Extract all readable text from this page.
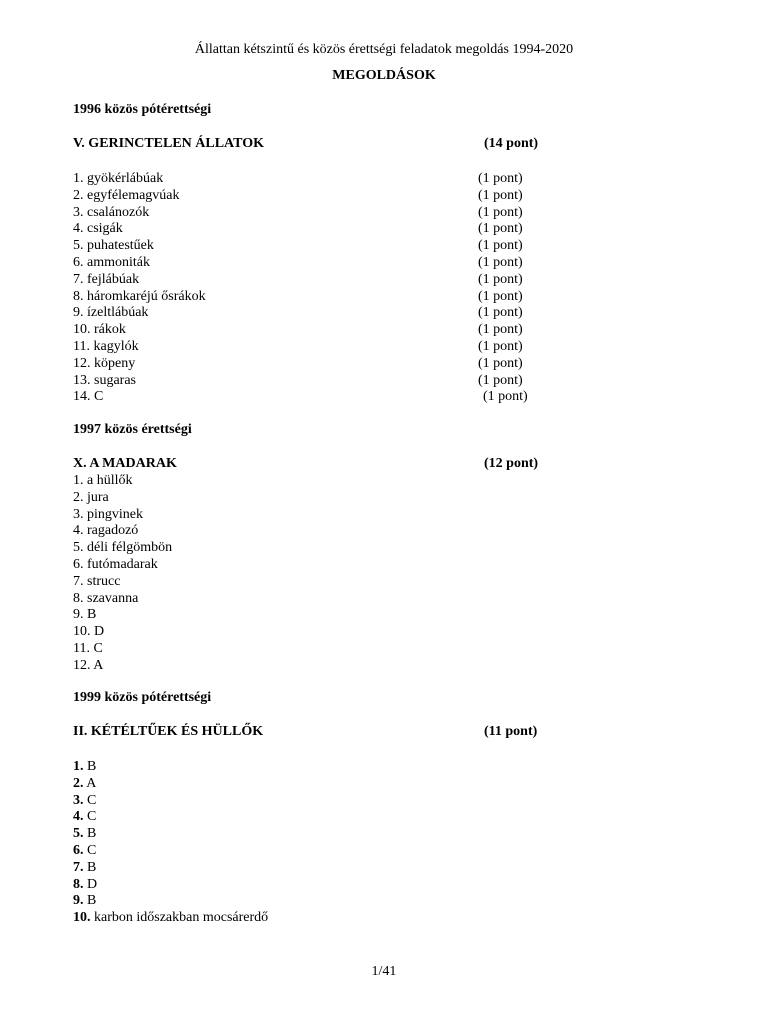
Állattan kétszintű és közös érettségi feladatok megoldás 1994-2020
MEGOLDÁSOK
1996 közös pótérettségi
V. GERINCTELEN ÁLLATOK	(14 pont)
1. gyökérlábúak	(1 pont)
2. egyfélemagvúak	(1 pont)
3. csalánozók	(1 pont)
4. csigák	(1 pont)
5. puhatestűek	(1 pont)
6. ammoniták	(1 pont)
7. fejlábúak	(1 pont)
8. háromkaréjú ősrákok	(1 pont)
9. ízeltlábúak	(1 pont)
10. rákok	(1 pont)
11. kagylók	(1 pont)
12. köpeny	(1 pont)
13. sugaras	(1 pont)
14. C	(1 pont)
1997 közös érettségi
X. A MADARAK	(12 pont)
1. a hüllők
2. jura
3. pingvinek
4. ragadozó
5. déli félgömbön
6. futómadarak
7. strucc
8. szavanna
9. B
10. D
11. C
12. A
1999 közös pótérettségi
II. KÉTÉLTŰEK ÉS HÜLLŐK	(11 pont)
1. B
2. A
3. C
4. C
5. B
6. C
7. B
8. D
9. B
10. karbon időszakban mocsárerdő
1/41
